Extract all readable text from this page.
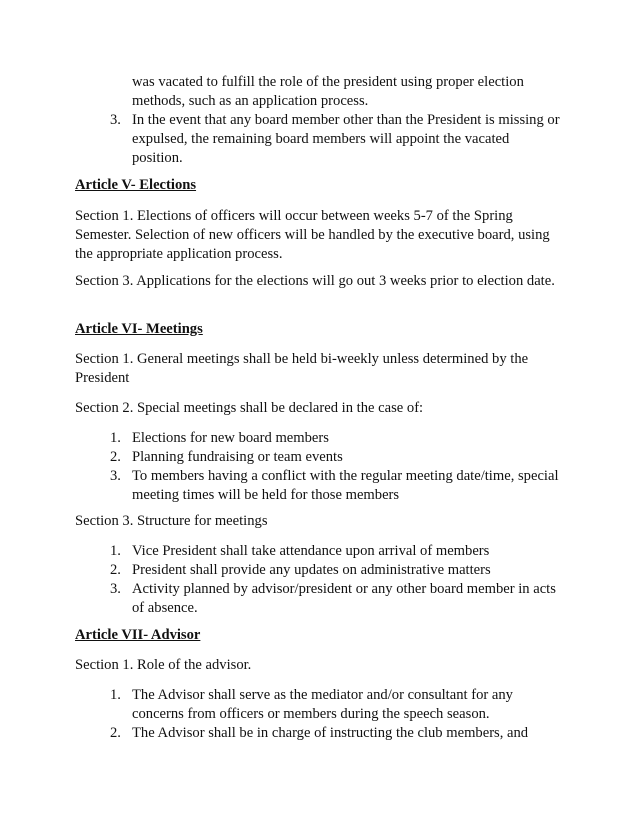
was vacated to fulfill the role of the president using proper election methods, such as an application process.

3. In the event that any board member other than the President is missing or expulsed, the remaining board members will appoint the vacated position.

Article V- Elections

Section 1. Elections of officers will occur between weeks 5-7 of the Spring Semester. Selection of new officers will be handled by the executive board, using the appropriate application process.

Section 3. Applications for the elections will go out 3 weeks prior to election date.

Article VI- Meetings

Section 1. General meetings shall be held bi-weekly unless determined by the President

Section 2. Special meetings shall be declared in the case of:

1. Elections for new board members
2. Planning fundraising or team events
3. To members having a conflict with the regular meeting date/time, special meeting times will be held for those members

Section 3. Structure for meetings

1. Vice President shall take attendance upon arrival of members
2. President shall provide any updates on administrative matters
3. Activity planned by advisor/president or any other board member in acts of absence.

Article VII- Advisor

Section 1. Role of the advisor.

1. The Advisor shall serve as the mediator and/or consultant for any concerns from officers or members during the speech season.
2. The Advisor shall be in charge of instructing the club members, and
